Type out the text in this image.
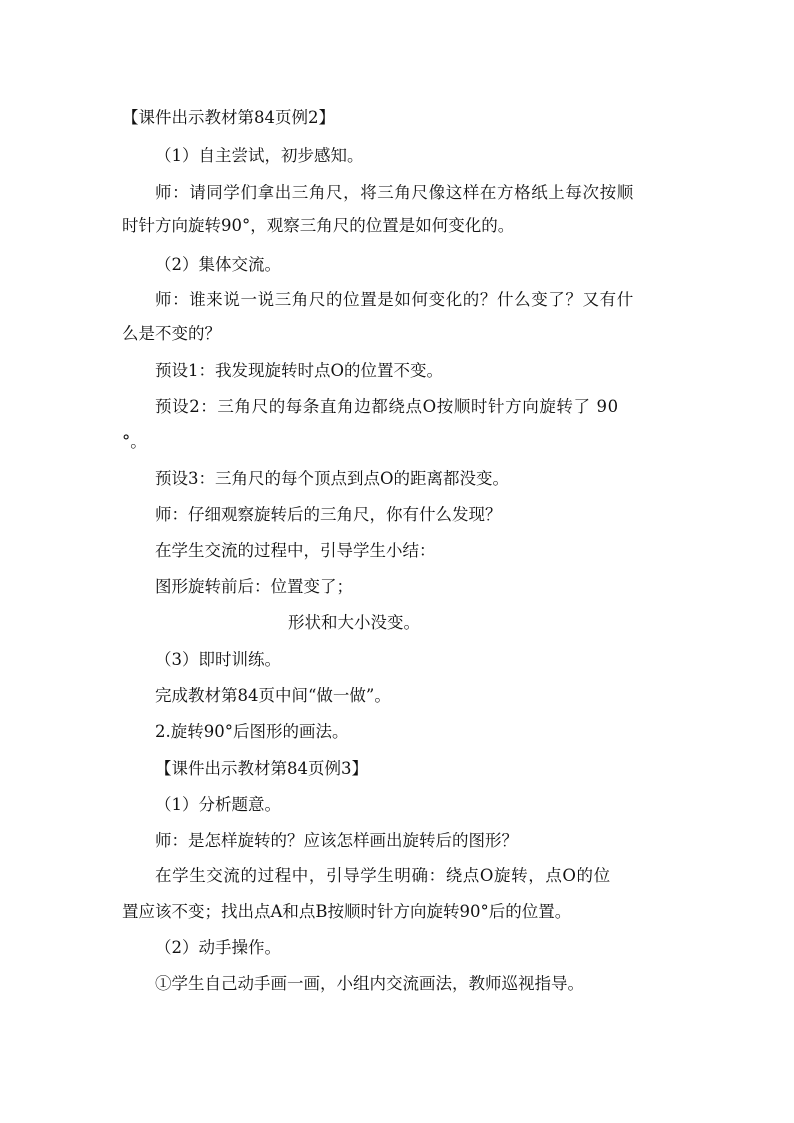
【课件出示教材第84页例2】
（1）自主尝试，初步感知。
师：请同学们拿出三角尺，将三角尺像这样在方格纸上每次按顺
时针方向旋转90°，观察三角尺的位置是如何变化的。
（2）集体交流。
师：谁来说一说三角尺的位置是如何变化的？什么变了？又有什
么是不变的？
预设1：我发现旋转时点O的位置不变。
预设2：三角尺的每条直角边都绕点O按顺时针方向旋转了 90
°。
预设3：三角尺的每个顶点到点O的距离都没变。
师：仔细观察旋转后的三角尺，你有什么发现？
在学生交流的过程中，引导学生小结：
图形旋转前后：位置变了；
形状和大小没变。
（3）即时训练。
完成教材第84页中间“做一做”。
2.旋转90°后图形的画法。
【课件出示教材第84页例3】
（1）分析题意。
师：是怎样旋转的？应该怎样画出旋转后的图形？
在学生交流的过程中，引导学生明确：绕点O旋转，点O的位
置应该不变；找出点A和点B按顺时针方向旋转90°后的位置。
（2）动手操作。
①学生自己动手画一画，小组内交流画法，教师巡视指导。
